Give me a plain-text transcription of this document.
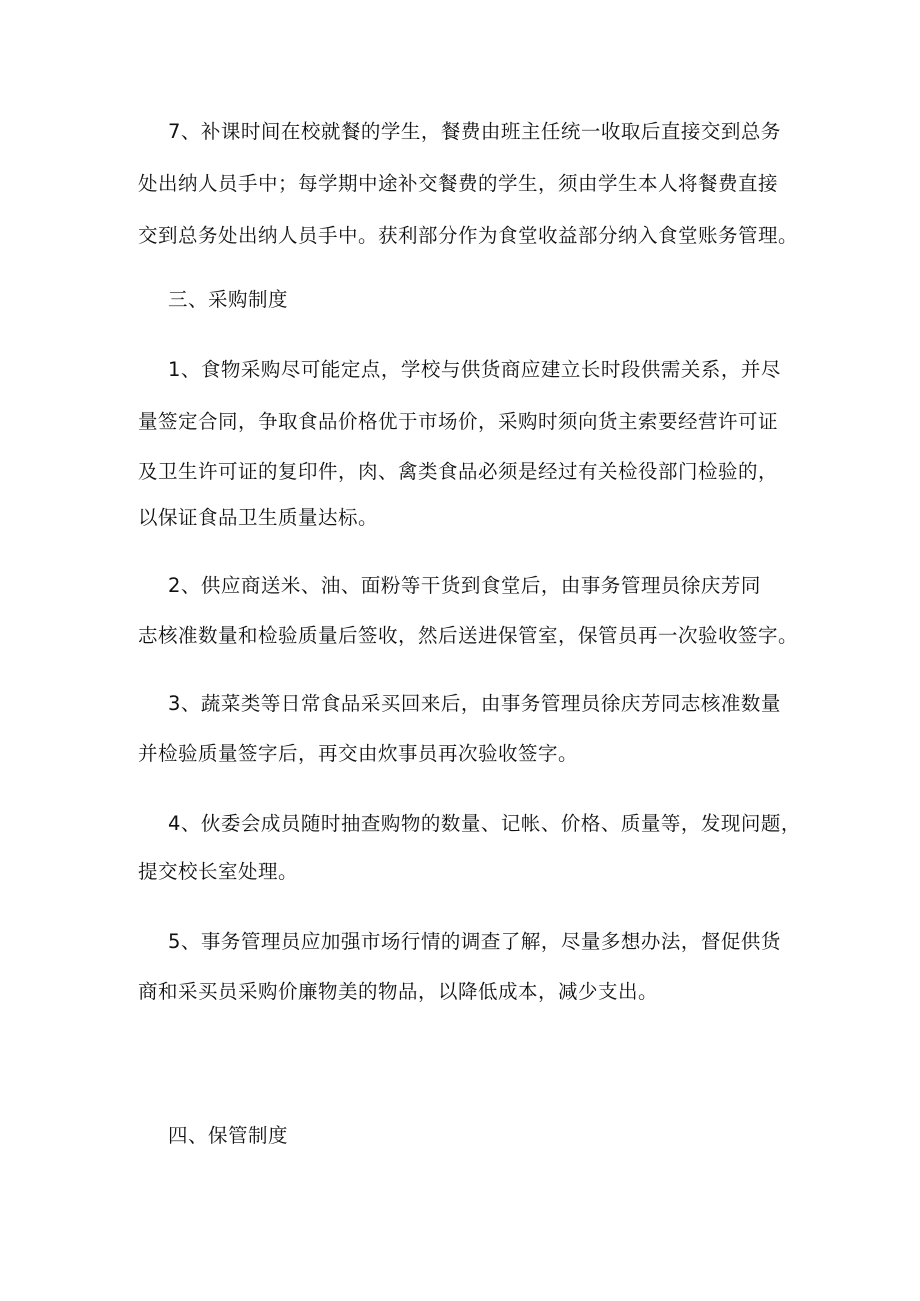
7、补课时间在校就餐的学生，餐费由班主任统一收取后直接交到总务
处出纳人员手中；每学期中途补交餐费的学生，须由学生本人将餐费直接
交到总务处出纳人员手中。获利部分作为食堂收益部分纳入食堂账务管理。
三、采购制度
1、食物采购尽可能定点，学校与供货商应建立长时段供需关系，并尽
量签定合同，争取食品价格优于市场价，采购时须向货主索要经营许可证
及卫生许可证的复印件，肉、禽类食品必须是经过有关检役部门检验的，
以保证食品卫生质量达标。
2、供应商送米、油、面粉等干货到食堂后，由事务管理员徐庆芳同
志核准数量和检验质量后签收，然后送进保管室，保管员再一次验收签字。
3、蔬菜类等日常食品采买回来后，由事务管理员徐庆芳同志核准数量
并检验质量签字后，再交由炊事员再次验收签字。
4、伙委会成员随时抽查购物的数量、记帐、价格、质量等，发现问题，
提交校长室处理。
5、事务管理员应加强市场行情的调查了解，尽量多想办法，督促供货
商和采买员采购价廉物美的物品，以降低成本，减少支出。
四、保管制度
